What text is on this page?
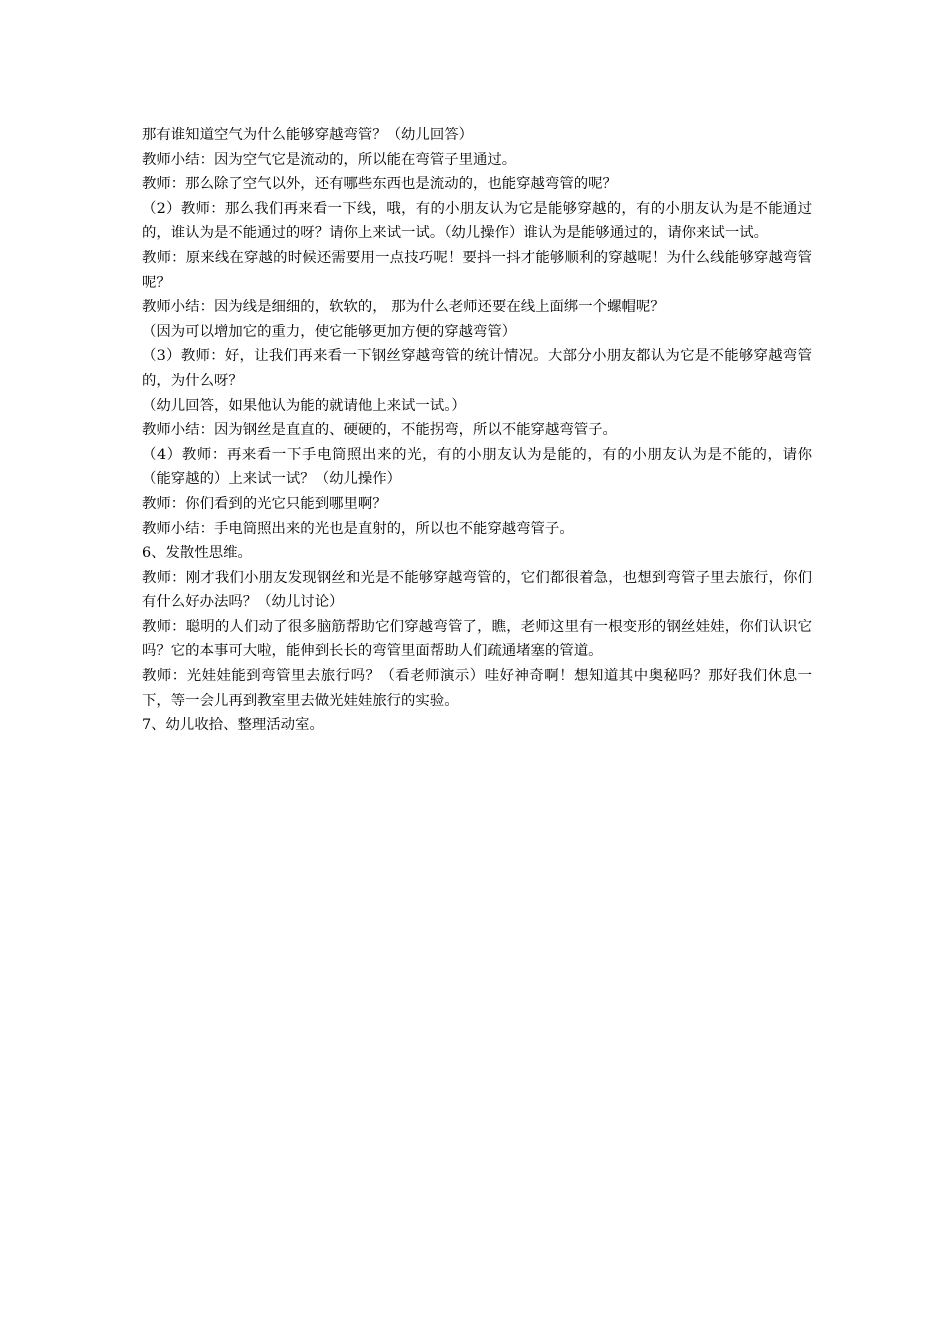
那有谁知道空气为什么能够穿越弯管？（幼儿回答）

教师小结：因为空气它是流动的，所以能在弯管子里通过。

教师：那么除了空气以外，还有哪些东西也是流动的，也能穿越弯管的呢？

（2）教师：那么我们再来看一下线，哦，有的小朋友认为它是能够穿越的，有的小朋友认为是不能通过的，谁认为是不能通过的呀？请你上来试一试。（幼儿操作）谁认为是能够通过的，请你来试一试。

教师：原来线在穿越的时候还需要用一点技巧呢！要抖一抖才能够顺利的穿越呢！为什么线能够穿越弯管呢？

教师小结：因为线是细细的，软软的， 那为什么老师还要在线上面绑一个螺帽呢？

（因为可以增加它的重力，使它能够更加方便的穿越弯管）

（3）教师：好，让我们再来看一下钢丝穿越弯管的统计情况。大部分小朋友都认为它是不能够穿越弯管的，为什么呀？

（幼儿回答，如果他认为能的就请他上来试一试。）

教师小结：因为钢丝是直直的、硬硬的，不能拐弯，所以不能穿越弯管子。

（4）教师：再来看一下手电筒照出来的光，有的小朋友认为是能的，有的小朋友认为是不能的，请你（能穿越的）上来试一试？（幼儿操作）

教师：你们看到的光它只能到哪里啊？

教师小结：手电筒照出来的光也是直射的，所以也不能穿越弯管子。

6、发散性思维。

教师：刚才我们小朋友发现钢丝和光是不能够穿越弯管的，它们都很着急，也想到弯管子里去旅行，你们有什么好办法吗？（幼儿讨论）

教师：聪明的人们动了很多脑筋帮助它们穿越弯管了，瞧，老师这里有一根变形的钢丝娃娃，你们认识它吗？它的本事可大啦，能伸到长长的弯管里面帮助人们疏通堵塞的管道。

教师：光娃娃能到弯管里去旅行吗？（看老师演示）哇好神奇啊！想知道其中奥秘吗？那好我们休息一下，等一会儿再到教室里去做光娃娃旅行的实验。

7、幼儿收拾、整理活动室。
